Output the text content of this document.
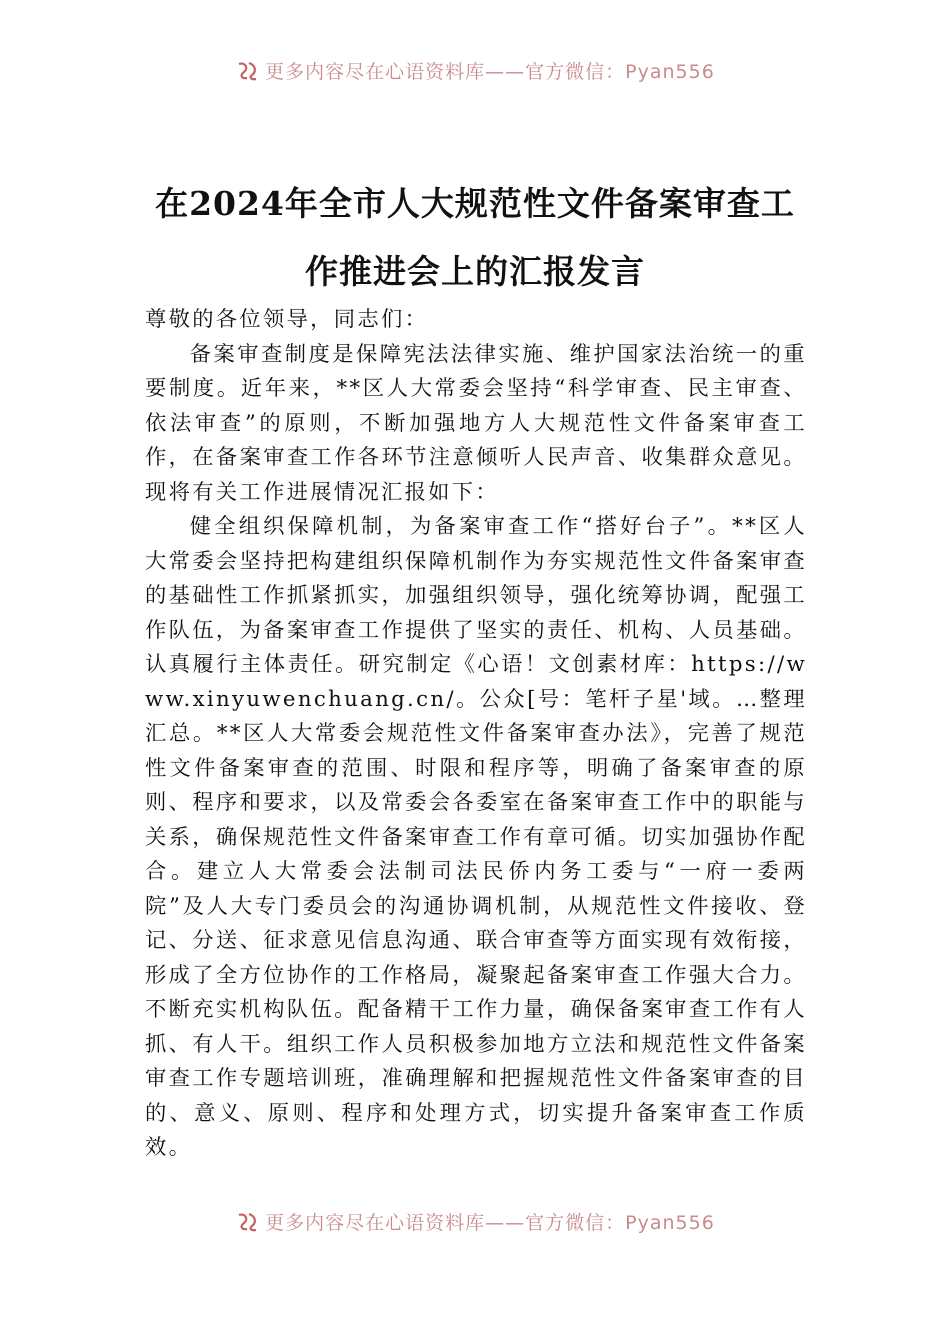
更多内容尽在心语资料库——官方微信：Pyan556
在2024年全市人大规范性文件备案审查工
作推进会上的汇报发言

尊敬的各位领导，同志们：

备案审查制度是保障宪法法律实施、维护国家法治统一的重要制度。近年来，**区人大常委会坚持“科学审查、民主审查、依法审查”的原则，不断加强地方人大规范性文件备案审查工作，在备案审查工作各环节注意倾听人民声音、收集群众意见。现将有关工作进展情况汇报如下：

健全组织保障机制，为备案审查工作“搭好台子”。**区人大常委会坚持把构建组织保障机制作为夯实规范性文件备案审查的基础性工作抓紧抓实，加强组织领导，强化统筹协调，配强工作队伍，为备案审查工作提供了坚实的责任、机构、人员基础。认真履行主体责任。研究制定《心语！文创素材库：https://www.xinyuwenchuang.cn/。公众[号：笔杆子星'域。…整理汇总。**区人大常委会规范性文件备案审查办法》，完善了规范性文件备案审查的范围、时限和程序等，明确了备案审查的原则、程序和要求，以及常委会各委室在备案审查工作中的职能与关系，确保规范性文件备案审查工作有章可循。切实加强协作配合。建立人大常委会法制司法民侨内务工委与“一府一委两院”及人大专门委员会的沟通协调机制，从规范性文件接收、登记、分送、征求意见信息沟通、联合审查等方面实现有效衔接，形成了全方位协作的工作格局，凝聚起备案审查工作强大合力。不断充实机构队伍。配备精干工作力量，确保备案审查工作有人抓、有人干。组织工作人员积极参加地方立法和规范性文件备案审查工作专题培训班，准确理解和把握规范性文件备案审查的目的、意义、原则、程序和处理方式，切实提升备案审查工作质效。

更多内容尽在心语资料库——官方微信：Pyan556
